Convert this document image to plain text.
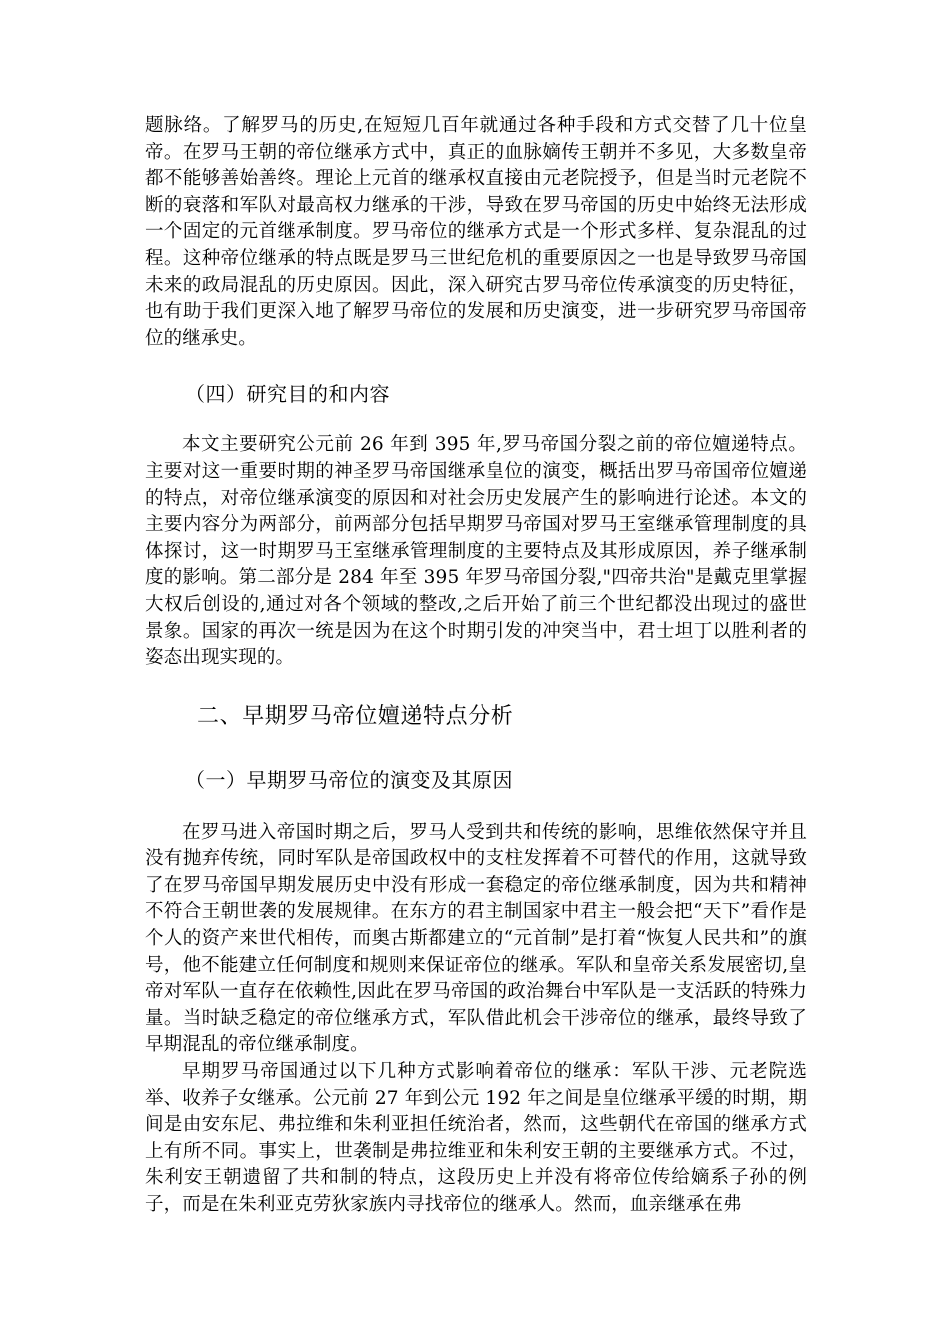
题脉络。了解罗马的历史,在短短几百年就通过各种手段和方式交替了几十位皇帝。在罗马王朝的帝位继承方式中，真正的血脉嫡传王朝并不多见，大多数皇帝都不能够善始善终。理论上元首的继承权直接由元老院授予，但是当时元老院不断的衰落和军队对最高权力继承的干涉，导致在罗马帝国的历史中始终无法形成一个固定的元首继承制度。罗马帝位的继承方式是一个形式多样、复杂混乱的过程。这种帝位继承的特点既是罗马三世纪危机的重要原因之一也是导致罗马帝国未来的政局混乱的历史原因。因此，深入研究古罗马帝位传承演变的历史特征，也有助于我们更深入地了解罗马帝位的发展和历史演变，进一步研究罗马帝国帝位的继承史。

（四）研究目的和内容

本文主要研究公元前 26 年到 395 年,罗马帝国分裂之前的帝位嬗递特点。主要对这一重要时期的神圣罗马帝国继承皇位的演变，概括出罗马帝国帝位嬗递的特点，对帝位继承演变的原因和对社会历史发展产生的影响进行论述。本文的主要内容分为两部分，前两部分包括早期罗马帝国对罗马王室继承管理制度的具体探讨，这一时期罗马王室继承管理制度的主要特点及其形成原因，养子继承制度的影响。第二部分是 284 年至 395 年罗马帝国分裂,"四帝共治"是戴克里掌握大权后创设的,通过对各个领域的整改,之后开始了前三个世纪都没出现过的盛世景象。国家的再次一统是因为在这个时期引发的冲突当中，君士坦丁以胜利者的姿态出现实现的。

二、早期罗马帝位嬗递特点分析
（一）早期罗马帝位的演变及其原因

在罗马进入帝国时期之后，罗马人受到共和传统的影响，思维依然保守并且没有抛弃传统，同时军队是帝国政权中的支柱发挥着不可替代的作用，这就导致了在罗马帝国早期发展历史中没有形成一套稳定的帝位继承制度，因为共和精神不符合王朝世袭的发展规律。在东方的君主制国家中君主一般会把“天下”看作是个人的资产来世代相传，而奥古斯都建立的“元首制”是打着“恢复人民共和”的旗号，他不能建立任何制度和规则来保证帝位的继承。军队和皇帝关系发展密切,皇帝对军队一直存在依赖性,因此在罗马帝国的政治舞台中军队是一支活跃的特殊力量。当时缺乏稳定的帝位继承方式，军队借此机会干涉帝位的继承，最终导致了早期混乱的帝位继承制度。

早期罗马帝国通过以下几种方式影响着帝位的继承：军队干涉、元老院选举、收养子女继承。公元前 27 年到公元 192 年之间是皇位继承平缓的时期，期间是由安东尼、弗拉维和朱利亚担任统治者，然而，这些朝代在帝国的继承方式上有所不同。事实上，世袭制是弗拉维亚和朱利安王朝的主要继承方式。不过，朱利安王朝遗留了共和制的特点，这段历史上并没有将帝位传给嫡系子孙的例子，而是在朱利亚克劳狄家族内寻找帝位的继承人。然而，血亲继承在弗
